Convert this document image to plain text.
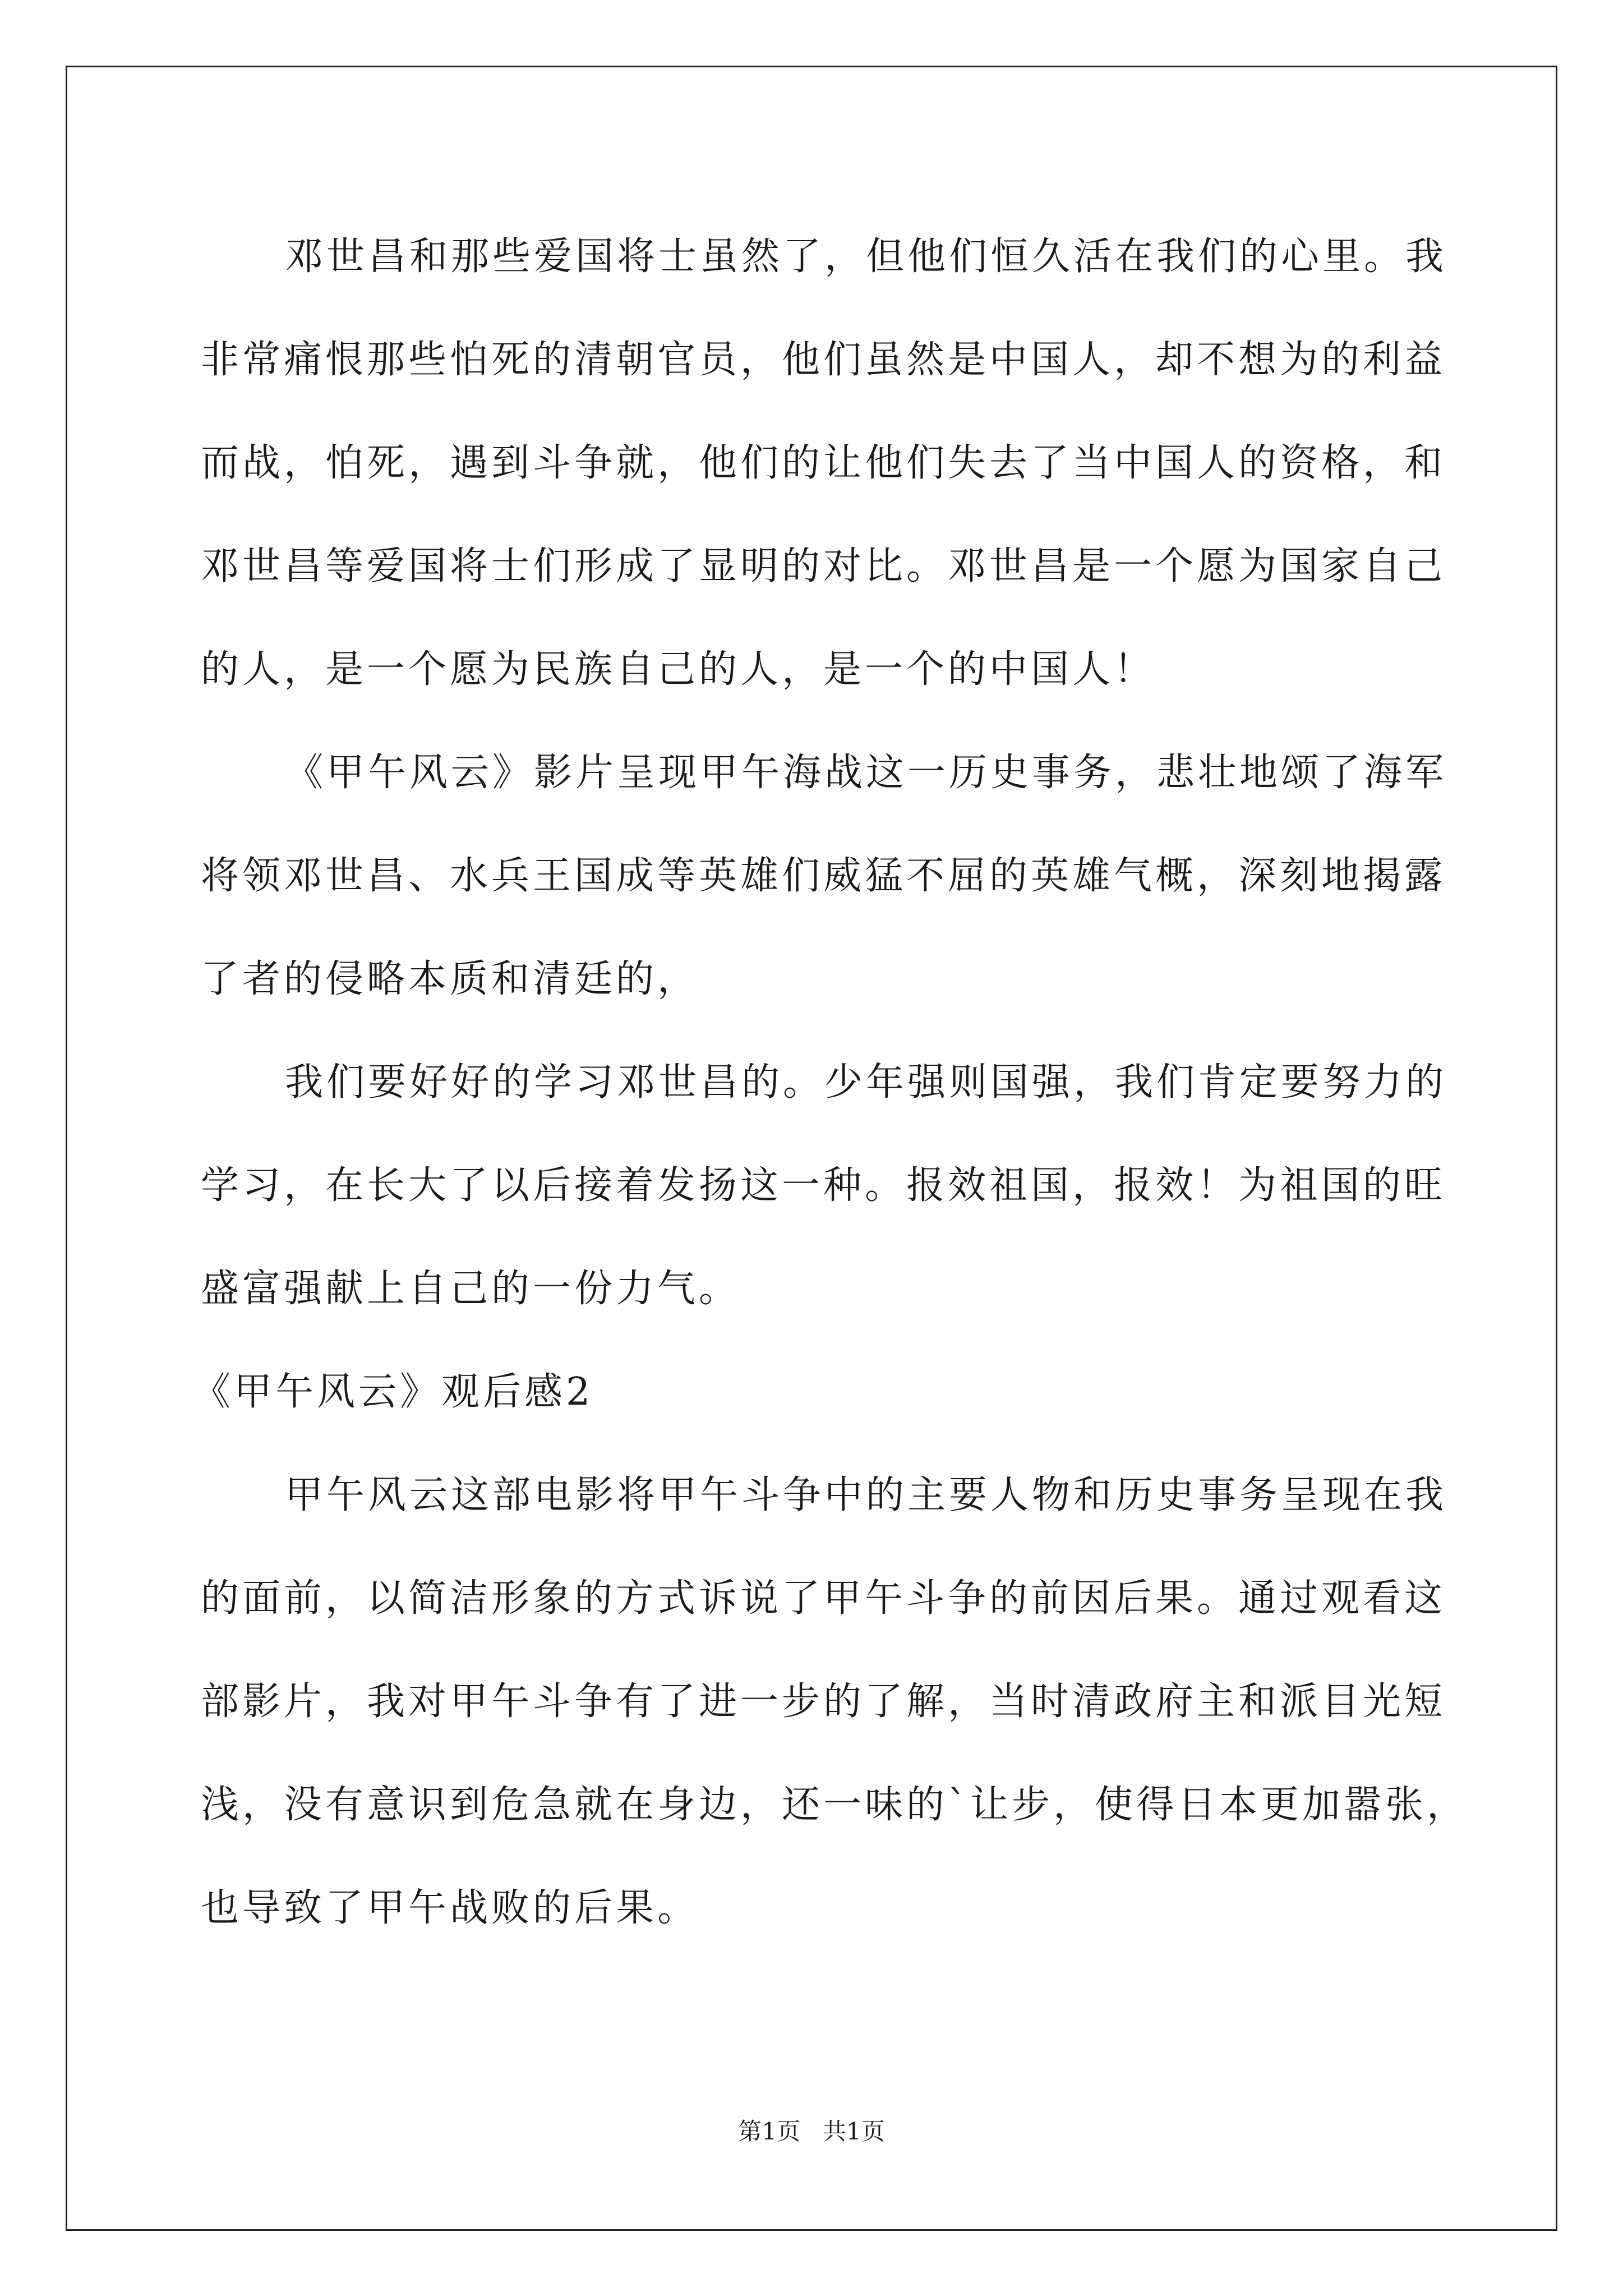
邓世昌和那些爱国将士虽然了，但他们恒久活在我们的心里。我
非常痛恨那些怕死的清朝官员，他们虽然是中国人，却不想为的利益
而战，怕死，遇到斗争就，他们的让他们失去了当中国人的资格，和
邓世昌等爱国将士们形成了显明的对比。邓世昌是一个愿为国家自己
的人，是一个愿为民族自己的人，是一个的中国人！
《甲午风云》影片呈现甲午海战这一历史事务，悲壮地颂了海军
将领邓世昌、水兵王国成等英雄们威猛不屈的英雄气概，深刻地揭露
了者的侵略本质和清廷的，
我们要好好的学习邓世昌的。少年强则国强，我们肯定要努力的
学习，在长大了以后接着发扬这一种。报效祖国，报效！为祖国的旺
盛富强献上自己的一份力气。
《甲午风云》观后感2
甲午风云这部电影将甲午斗争中的主要人物和历史事务呈现在我
的面前，以简洁形象的方式诉说了甲午斗争的前因后果。通过观看这
部影片，我对甲午斗争有了进一步的了解，当时清政府主和派目光短
浅，没有意识到危急就在身边，还一味的`让步，使得日本更加嚣张，
也导致了甲午战败的后果。
第1页   共1页
